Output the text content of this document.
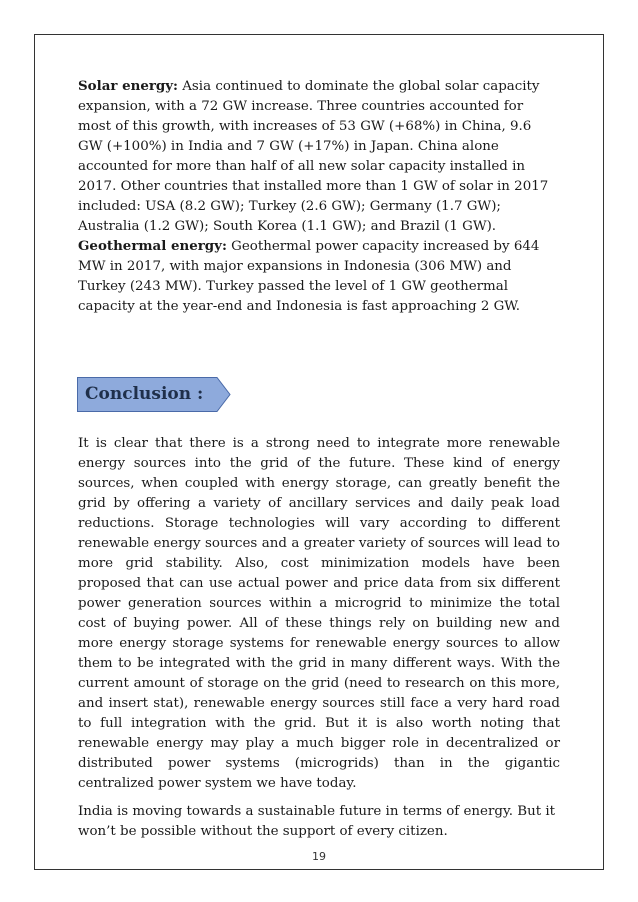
Solar energy: Asia continued to dominate the global solar capacity expansion, with a 72 GW increase. Three countries accounted for most of this growth, with increases of 53 GW (+68%) in China, 9.6 GW (+100%) in India and 7 GW (+17%) in Japan. China alone accounted for more than half of all new solar capacity installed in 2017. Other countries that installed more than 1 GW of solar in 2017 included: USA (8.2 GW); Turkey (2.6 GW); Germany (1.7 GW); Australia (1.2 GW); South Korea (1.1 GW); and Brazil (1 GW).

Geothermal energy: Geothermal power capacity increased by 644 MW in 2017, with major expansions in Indonesia (306 MW) and Turkey (243 MW). Turkey passed the level of 1 GW geothermal capacity at the year-end and Indonesia is fast approaching 2 GW.

Conclusion :

It is clear that there is a strong need to integrate more renewable energy sources into the grid of the future. These kind of energy sources, when coupled with energy storage, can greatly benefit the grid by offering a variety of ancillary services and daily peak load reductions. Storage technologies will vary according to different renewable energy sources and a greater variety of sources will lead to more grid stability. Also, cost minimization models have been proposed that can use actual power and price data from six different power generation sources within a microgrid to minimize the total cost of buying power. All of these things rely on building new and more energy storage systems for renewable energy sources to allow them to be integrated with the grid in many different ways. With the current amount of storage on the grid (need to research on this more, and insert stat), renewable energy sources still face a very hard road to full integration with the grid. But it is also worth noting that renewable energy may play a much bigger role in decentralized or distributed power systems (microgrids) than in the gigantic centralized power system we have today.

India is moving towards a sustainable future in terms of energy. But it won’t be possible without the support of every citizen.

19
